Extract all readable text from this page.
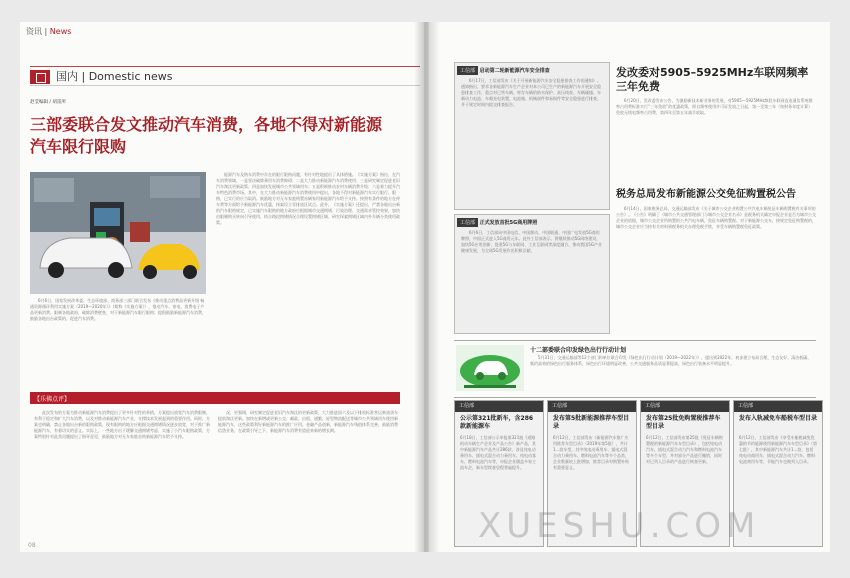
资讯 | News
国内 | Domestic news
赵莹编辑 / 胡雷所
三部委联合发文推动汽车消费，各地不得对新能源汽车限行限购
6月6日，国家发展改革委、生态环境部、商务部三部门联合发布《推动重点消费品更新升级 畅通资源循环利用实施方案（2019—2020年）》（简称《实施方案》），推动汽车、家电、消费电子产品更新消费。限制各地政府，破除消费壁垒，对于新能源汽车限行限购；提倡鼓励新能源汽车消费，鼓励各地出台政策的，促进汽车消费。
能源汽车及购车消费中存在的限行限购问题，有针对性地提出了具体措施。《实施方案》指出，在汽车消费领域，一是坚决破除乘用车消费障碍；二是大力推动新能源汽车消费使用；三是研究制定促进老旧汽车淘汰更新政策；四是加快发展城市公共领域用车；五是积极推动农村车辆消费升级；六是着力提升汽车特色消费市场。其中，在大力推动新能源汽车消费使用中提出，各地不得对新能源汽车实行限行、限购，已实行的应当取消。鼓励地方对无车家庭购置首辆家用新能源汽车给予支持。按照有条件的地方在停车费等方面给予新能源汽车优惠，探索设立零排放区试点。此外，《实施方案》还提出，严禁各地出台新的汽车限购规定，已实施汽车限购的地方政府应根据城市交通拥堵、污染治理、交通需求管控效果，加快由限制购买转向引导使用，结合路段拥堵情况合理设置拥堵区域，研究探索拥堵区域内外车辆分类使用政策。
【乐佛点评】
此次发布的方案为推动新能源汽车消费提出了更多针对性的举措，方案提出放宽汽车消费限制，有利于稳定和扩大汽车消费，以及对推动新能源汽车产业，支撑技术发展起到的重要作用。同时，方案也明确，禁止各地出台新的限购政策，现有限购的地方应根据交通拥堵情况逐步放宽，对于推广新能源汽车，有着切实的意义。实际上，一些地方出于缓解交通拥堵考虑，实施了小汽车限购政策，方案特别针对此类问题提出了指导意见，鼓励地方对无车家庭首购新能源汽车给予支持。
况，更强调，研究制定促进老旧汽车淘汰的更新政策，大力推进国六及以下排放标准营运柴油货车提前淘汰更新。加快在新增或更新公交、邮政、出租、通勤、轻型物流配送等城市公共领域用车使用新能源汽车，这些政策利好新能源汽车的推广应用。金融产品创新，新能源汽车残值体系完善，鼓励消费信贷业务，在政策引导之下，新能源汽车消费有望迎来新的增长期。
08
工信部 启动第二轮新能源汽车安全排查
6月17日，工信部发布《关于开展新能源汽车安全隐患排查工作的通知》，通知指出，要求各新能源汽车生产企业对本公司已生产的新能源汽车开展安全隐患排查工作，重点对已售车辆、库存车辆的防水保护、高压线束、车辆碰撞、车载动力电池、车载充电装置、电池箱、机械部件和易损件等安全隐患进行排查，并于规定时间内提交排查报告。
工信部 正式发放首批5G商用牌照
6月6日，工信部向中国电信、中国移动、中国联通、中国广电发放5G商用牌照，中国正式进入5G商用元年。此外工信部表示，将继续推动5G网络建设，加快5G应用创新，促进5G与车联网、工业互联网等深度融合，推动我国5G产业健康发展，为全球5G发展作出积极贡献。
发改委对5905–5925MHz车联网频率三年免费
6月20日，发改委发布公告，为激励新技术新业务的发展，对5905—5925MHz频段车联网直连通信系统频率占用费标准实行“三年免收”的优惠政策，即自频率使用许可证发放之日起，第一至第三年（按财务年度计算）免收无线电频率占用费，第四年至第五年减半收取。
税务总局发布新能源公交免征购置税公告
6月14日，国家税务总局、交通运输部发布《关于城市公交企业购置公共汽电车辆免征车辆购置税有关事项的公告》。《公告》明确了《城市公共交通管理部门与城市公交企业名录》是税务机关确定申报企业是否为城市公交企业的依据，城市公交企业所购置的公共汽电车辆，免征车辆购置税。对于新能源公交车，按规定免征购置税的，城市公交企业应当持有关材料到税务机关办理免税手续，享受车辆购置税免征政策。
十二部委联合印发绿色出行行动计划
5月31日，交通运输部等12个部门和单位联合印发《绿色出行行动计划（2019—2022年）》，提出到2022年，初步建立布局合理、生态友好、清洁低碳、集约高效的绿色出行服务体系，绿色出行环境明显改善，公共交通服务品质显著提高，绿色出行装备水平明显提升。
工信部
公示第321批新车，含286款新能源车
6月18日，工信部公示申报第321批《道路机动车辆生产企业及产品公告》新产品，其中新能源汽车产品共计286款，涉及纯电动乘用车、插电式混合动力乘用车、纯电动客车、燃料电池汽车等，申报企业涵盖多家主流车企，新车型续驶里程普遍提升。
工信部
发布第5批新能源推荐车型目录
6月12日，工信部发布《新能源汽车推广应用推荐车型目录》（2019年第5批），共计1...款车型，其中纯电动乘用车、插电式混合动力乘用车、燃料电池汽车等多个品类，企业数量较上批增加，推荐目录对购置补贴有重要意义。
工信部
发布第25批免购置税推荐车型目录
6月12日，工信部发布第25批《免征车辆购置税的新能源汽车车型目录》，包括纯电动汽车、插电式混合动力汽车和燃料电池汽车等多个车型，并对部分产品进行撤销，同时对已列入目录的产品进行核查更新。
工信部
发布入轨减免车船税车型目录
6月12日，工信部发布《享受车船税减免优惠的节约能源使用新能源汽车车型目录》（第七批），其中新能源汽车共计1...款，包括纯电动商用车、插电式混合动力汽车、燃料电池商用车等，节能汽车也被列入目录。
XUESHU.COM
